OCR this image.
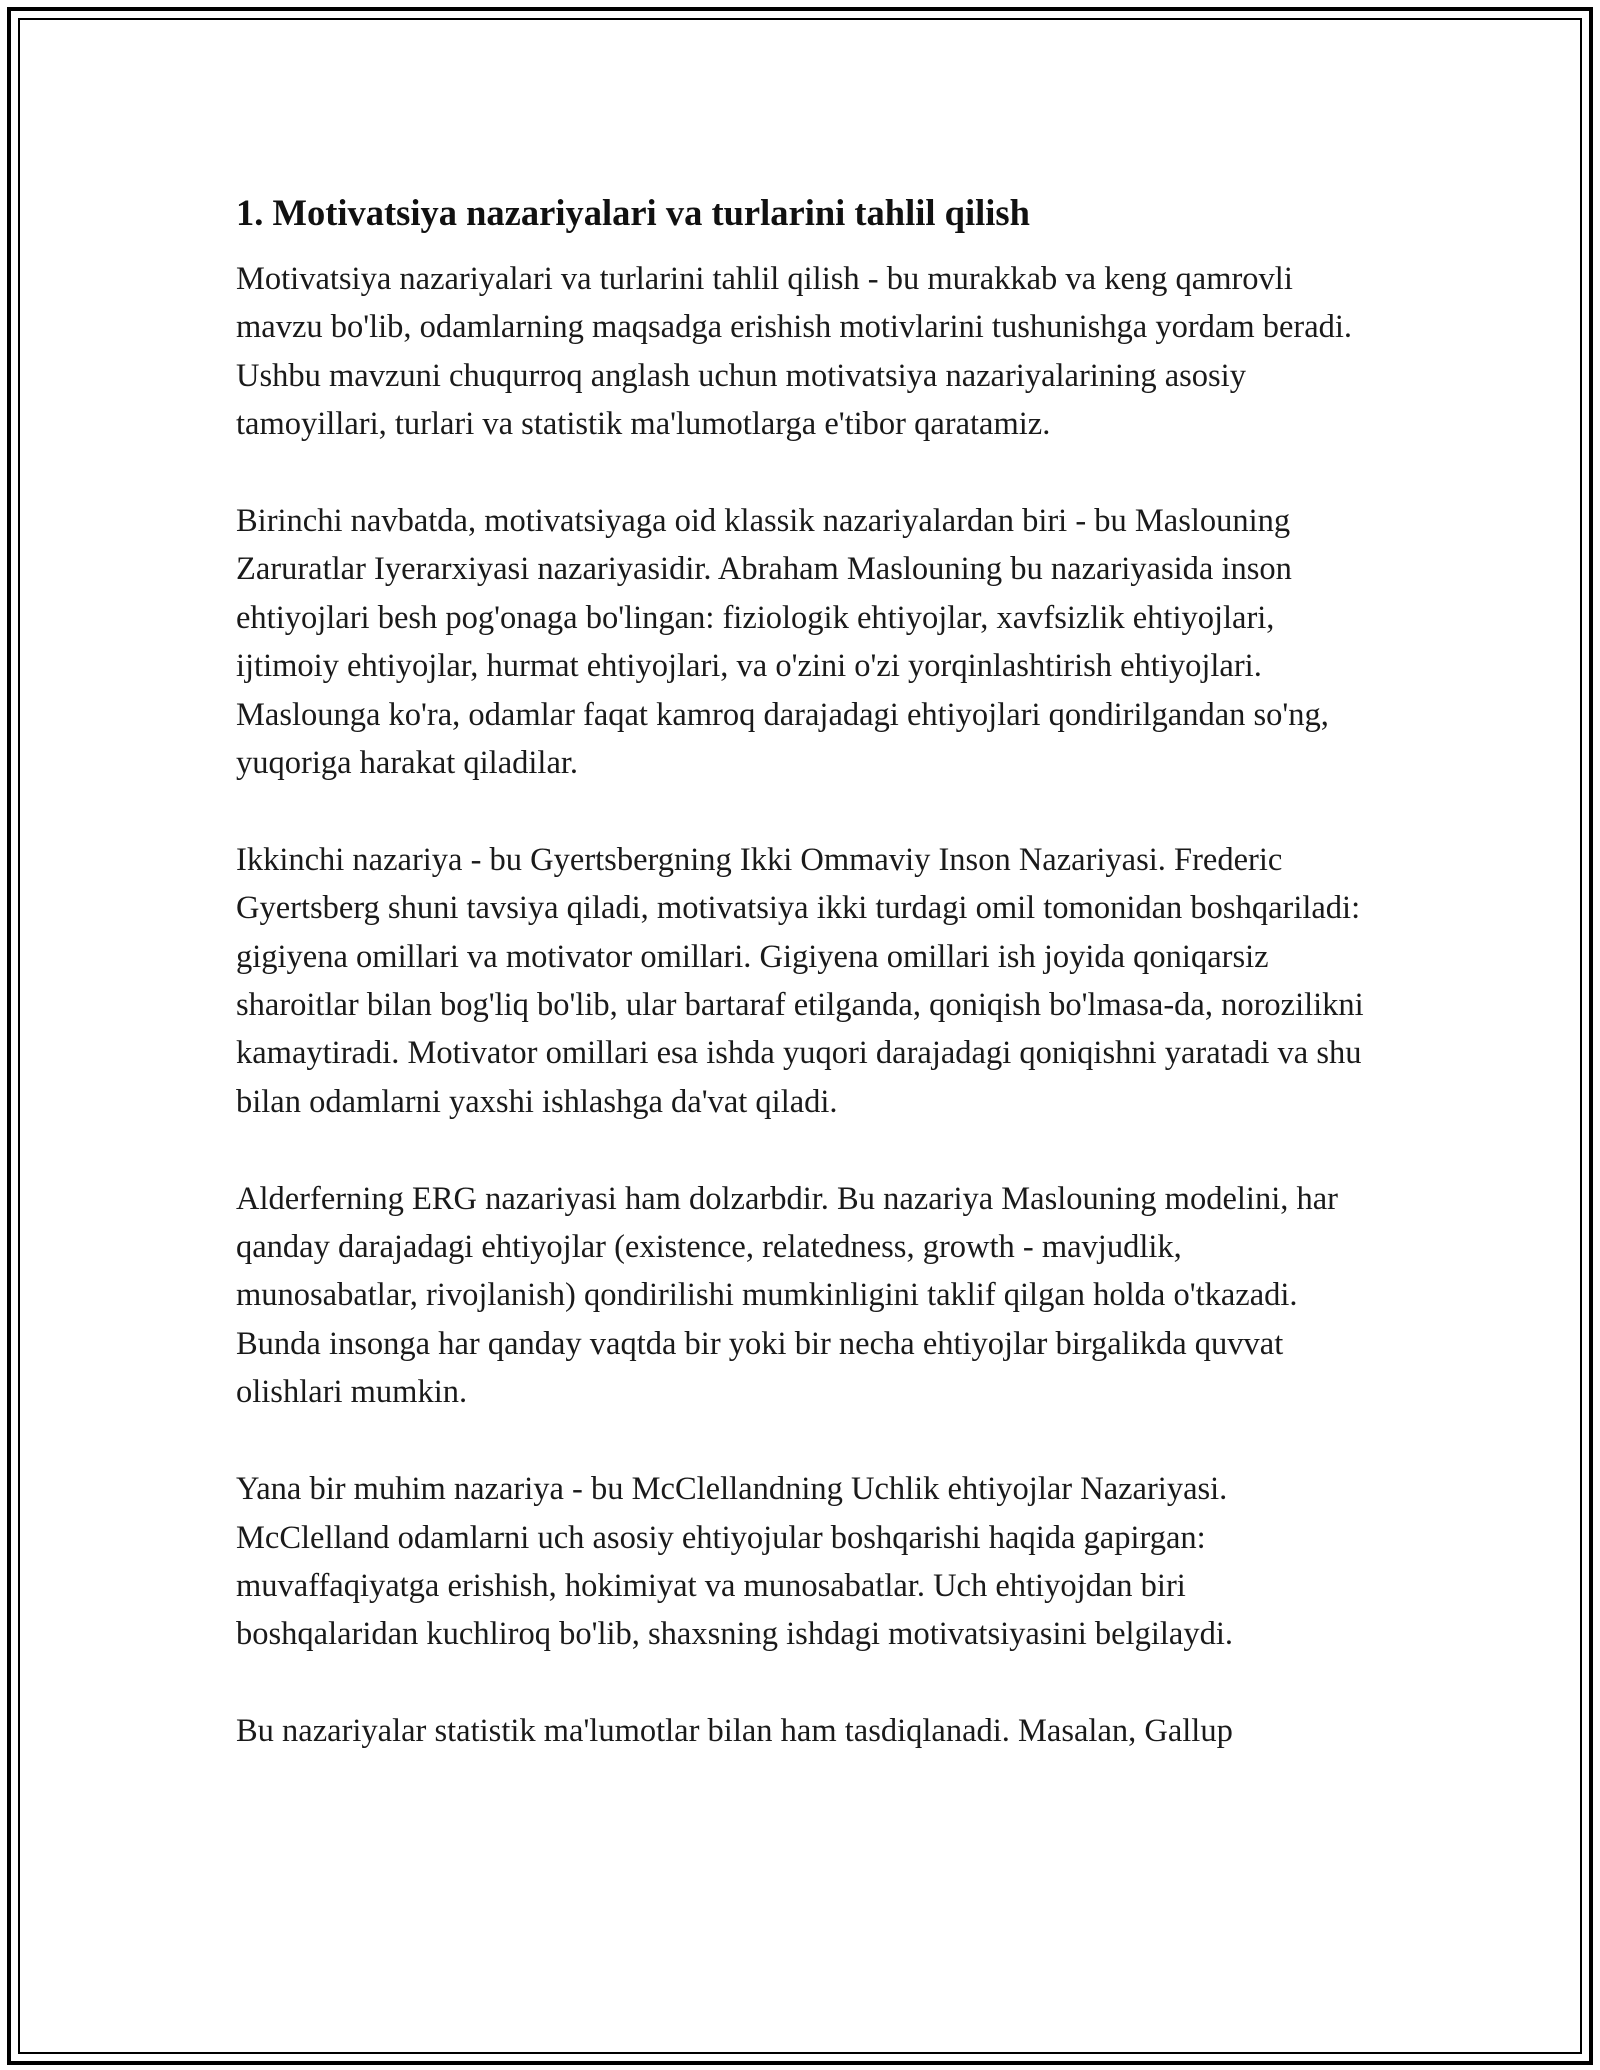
1. Motivatsiya nazariyalari va turlarini tahlil qilish

Motivatsiya nazariyalari va turlarini tahlil qilish - bu murakkab va keng qamrovli mavzu bo'lib, odamlarning maqsadga erishish motivlarini tushunishga yordam beradi. Ushbu mavzuni chuqurroq anglash uchun motivatsiya nazariyalarining asosiy tamoyillari, turlari va statistik ma'lumotlarga e'tibor qaratamiz.

Birinchi navbatda, motivatsiyaga oid klassik nazariyalardan biri - bu Maslouning Zaruratlar Iyerarxiyasi nazariyasidir. Abraham Maslouning bu nazariyasida inson ehtiyojlari besh pog'onaga bo'lingan: fiziologik ehtiyojlar, xavfsizlik ehtiyojlari, ijtimoiy ehtiyojlar, hurmat ehtiyojlari, va o'zini o'zi yorqinlashtirish ehtiyojlari. Maslounga ko'ra, odamlar faqat kamroq darajadagi ehtiyojlari qondirilgandan so'ng, yuqoriga harakat qiladilar.

Ikkinchi nazariya - bu Gyertsbergning Ikki Ommaviy Inson Nazariyasi. Frederic Gyertsberg shuni tavsiya qiladi, motivatsiya ikki turdagi omil tomonidan boshqariladi: gigiyena omillari va motivator omillari. Gigiyena omillari ish joyida qoniqarsiz sharoitlar bilan bog'liq bo'lib, ular bartaraf etilganda, qoniqish bo'lmasa-da, norozilikni kamaytiradi. Motivator omillari esa ishda yuqori darajadagi qoniqishni yaratadi va shu bilan odamlarni yaxshi ishlashga da'vat qiladi.

Alderferning ERG nazariyasi ham dolzarbdir. Bu nazariya Maslouning modelini, har qanday darajadagi ehtiyojlar (existence, relatedness, growth - mavjudlik, munosabatlar, rivojlanish) qondirilishi mumkinligini taklif qilgan holda o'tkazadi. Bunda insonga har qanday vaqtda bir yoki bir necha ehtiyojlar birgalikda quvvat olishlari mumkin.

Yana bir muhim nazariya - bu McClellandning Uchlik ehtiyojlar Nazariyasi. McClelland odamlarni uch asosiy ehtiyojular boshqarishi haqida gapirgan: muvaffaqiyatga erishish, hokimiyat va munosabatlar. Uch ehtiyojdan biri boshqalaridan kuchliroq bo'lib, shaxsning ishdagi motivatsiyasini belgilaydi.

Bu nazariyalar statistik ma'lumotlar bilan ham tasdiqlanadi. Masalan, Gallup
